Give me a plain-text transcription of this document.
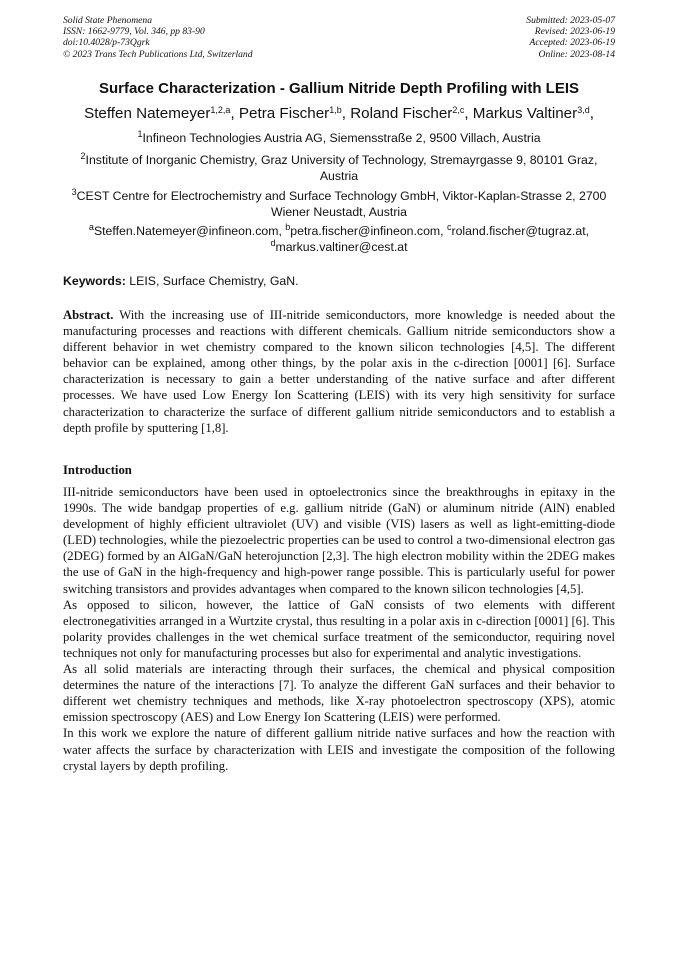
Solid State Phenomena
ISSN: 1662-9779, Vol. 346, pp 83-90
doi:10.4028/p-73Qgrk
© 2023 Trans Tech Publications Ltd, Switzerland
Submitted: 2023-05-07
Revised: 2023-06-19
Accepted: 2023-06-19
Online: 2023-08-14
Surface Characterization - Gallium Nitride Depth Profiling with LEIS
Steffen Natemeyer$^{1,2,a}$, Petra Fischer$^{1,b}$, Roland Fischer$^{2,c}$, Markus Valtiner$^{3,d}$,
$^1$Infineon Technologies Austria AG, Siemensstraße 2, 9500 Villach, Austria
$^2$Institute of Inorganic Chemistry, Graz University of Technology, Stremayrgasse 9, 80101 Graz, Austria
$^3$CEST Centre for Electrochemistry and Surface Technology GmbH, Viktor-Kaplan-Strasse 2, 2700 Wiener Neustadt, Austria
$^a$Steffen.Natemeyer@infineon.com, $^b$petra.fischer@infineon.com, $^c$roland.fischer@tugraz.at,
$^d$markus.valtiner@cest.at
Keywords: LEIS, Surface Chemistry, GaN.
Abstract. With the increasing use of III-nitride semiconductors, more knowledge is needed about the manufacturing processes and reactions with different chemicals. Gallium nitride semiconductors show a different behavior in wet chemistry compared to the known silicon technologies [4,5]. The different behavior can be explained, among other things, by the polar axis in the c-direction [0001] [6]. Surface characterization is necessary to gain a better understanding of the native surface and after different processes. We have used Low Energy Ion Scattering (LEIS) with its very high sensitivity for surface characterization to characterize the surface of different gallium nitride semiconductors and to establish a depth profile by sputtering [1,8].
Introduction

III-nitride semiconductors have been used in optoelectronics since the breakthroughs in epitaxy in the 1990s. The wide bandgap properties of e.g. gallium nitride (GaN) or aluminum nitride (AlN) enabled development of highly efficient ultraviolet (UV) and visible (VIS) lasers as well as light-emitting-diode (LED) technologies, while the piezoelectric properties can be used to control a two-dimensional electron gas (2DEG) formed by an AlGaN/GaN heterojunction [2,3]. The high electron mobility within the 2DEG makes the use of GaN in the high-frequency and high-power range possible. This is particularly useful for power switching transistors and provides advantages when compared to the known silicon technologies [4,5].

As opposed to silicon, however, the lattice of GaN consists of two elements with different electronegativities arranged in a Wurtzite crystal, thus resulting in a polar axis in c-direction [0001] [6]. This polarity provides challenges in the wet chemical surface treatment of the semiconductor, requiring novel techniques not only for manufacturing processes but also for experimental and analytic investigations.

As all solid materials are interacting through their surfaces, the chemical and physical composition determines the nature of the interactions [7]. To analyze the different GaN surfaces and their behavior to different wet chemistry techniques and methods, like X-ray photoelectron spectroscopy (XPS), atomic emission spectroscopy (AES) and Low Energy Ion Scattering (LEIS) were performed.

In this work we explore the nature of different gallium nitride native surfaces and how the reaction with water affects the surface by characterization with LEIS and investigate the composition of the following crystal layers by depth profiling.
